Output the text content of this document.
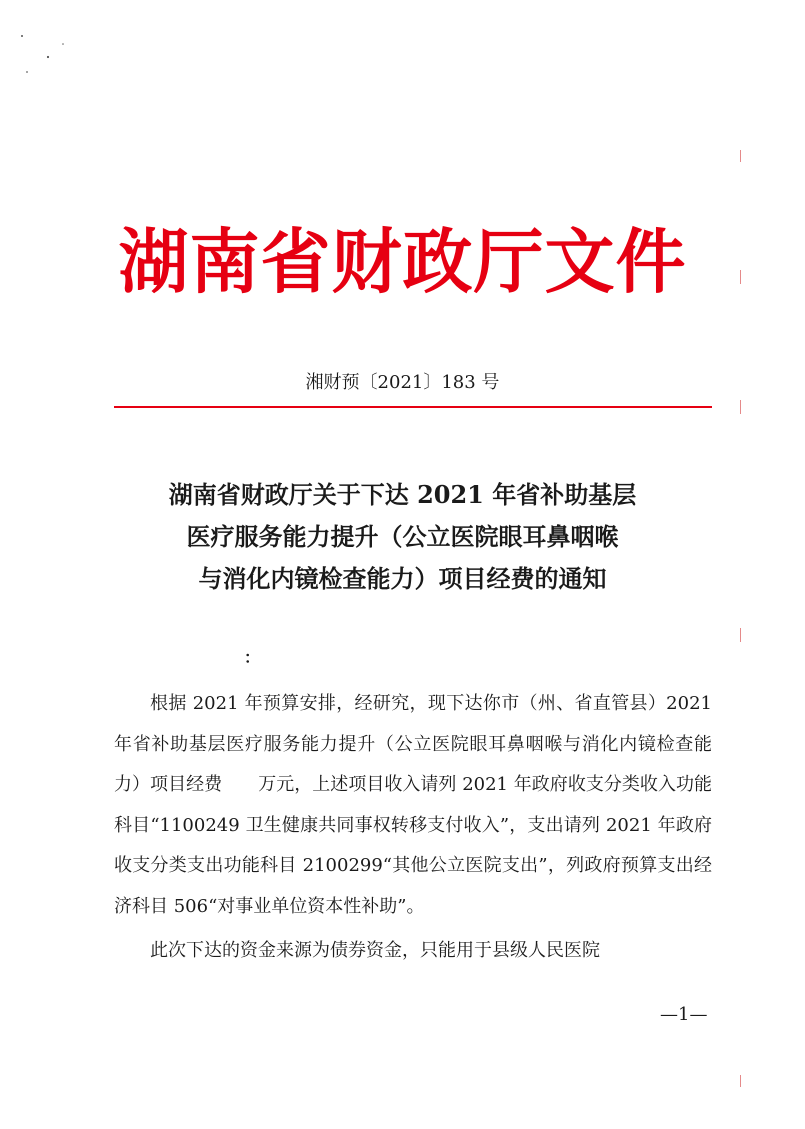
湖南省财政厅文件
湘财预〔2021〕183 号
湖南省财政厅关于下达 2021 年省补助基层
医疗服务能力提升（公立医院眼耳鼻咽喉
与消化内镜检查能力）项目经费的通知
：

根据 2021 年预算安排，经研究，现下达你市（州、省直管县）2021 年省补助基层医疗服务能力提升（公立医院眼耳鼻咽喉与消化内镜检查能力）项目经费　　万元，上述项目收入请列 2021 年政府收支分类收入功能科目“1100249 卫生健康共同事权转移支付收入”，支出请列 2021 年政府收支分类支出功能科目 2100299“其他公立医院支出”，列政府预算支出经济科目 506“对事业单位资本性补助”。

此次下达的资金来源为债券资金，只能用于县级人民医院

—1—
